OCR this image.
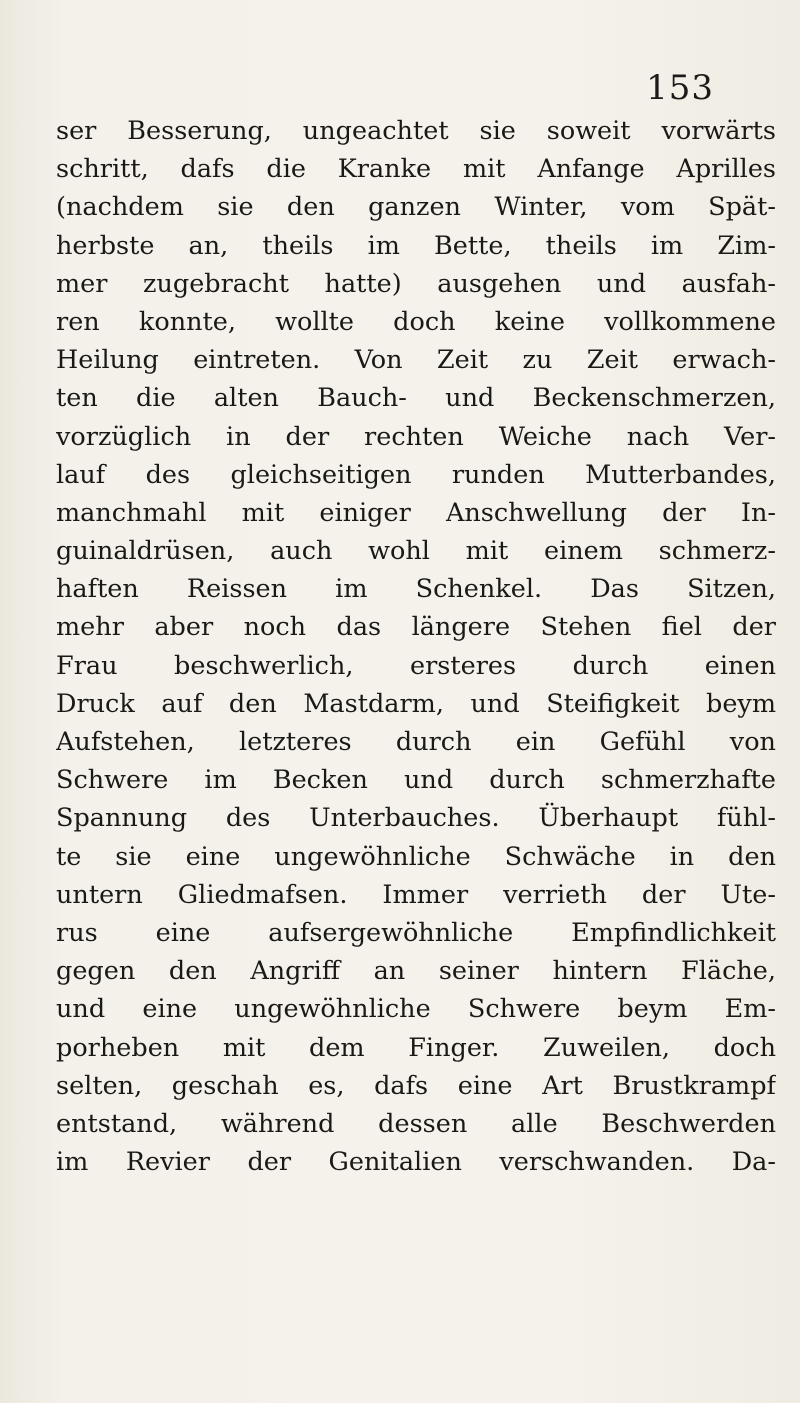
153
ser Besserung, ungeachtet sie soweit vorwärts
schritt, dafs die Kranke mit Anfange Aprilles
(nachdem sie den ganzen Winter, vom Spät-
herbste an, theils im Bette, theils im Zim-
mer zugebracht hatte) ausgehen und ausfah-
ren konnte, wollte doch keine vollkommene
Heilung eintreten. Von Zeit zu Zeit erwach-
ten die alten Bauch- und Beckenschmerzen,
vorzüglich in der rechten Weiche nach Ver-
lauf des gleichseitigen runden Mutterbandes,
manchmahl mit einiger Anschwellung der In-
guinaldrüsen, auch wohl mit einem schmerz-
haften Reissen im Schenkel. Das Sitzen,
mehr aber noch das längere Stehen fiel der
Frau beschwerlich, ersteres durch einen
Druck auf den Mastdarm, und Steifigkeit beym
Aufstehen, letzteres durch ein Gefühl von
Schwere im Becken und durch schmerzhafte
Spannung des Unterbauches. Überhaupt fühl-
te sie eine ungewöhnliche Schwäche in den
untern Gliedmafsen. Immer verrieth der Ute-
rus eine aufsergewöhnliche Empfindlichkeit
gegen den Angriff an seiner hintern Fläche,
und eine ungewöhnliche Schwere beym Em-
porheben mit dem Finger. Zuweilen, doch
selten, geschah es, dafs eine Art Brustkrampf
entstand, während dessen alle Beschwerden
im Revier der Genitalien verschwanden. Da-
